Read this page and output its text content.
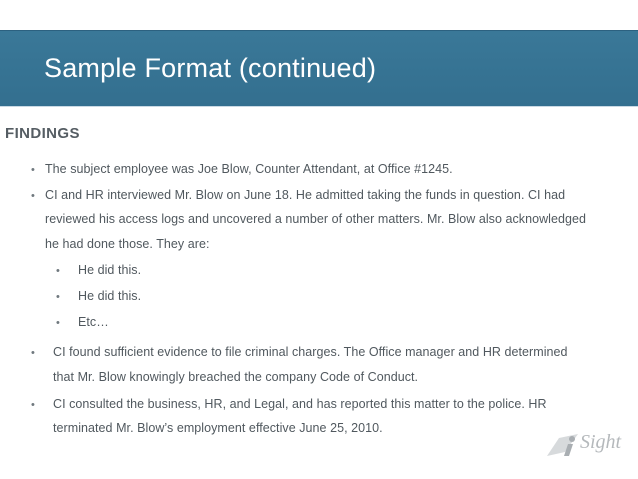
Sample Format (continued)
FINDINGS
• The subject employee was Joe Blow, Counter Attendant, at Office #1245.
• CI and HR interviewed Mr. Blow on June 18. He admitted taking the funds in question. CI had
reviewed his access logs and uncovered a number of other matters. Mr. Blow also acknowledged
he had done those. They are:
• He did this.
• He did this.
• Etc…
• CI found sufficient evidence to file criminal charges. The Office manager and HR determined
that Mr. Blow knowingly breached the company Code of Conduct.
• CI consulted the business, HR, and Legal, and has reported this matter to the police. HR
terminated Mr. Blow’s employment effective June 25, 2010.
Sight
